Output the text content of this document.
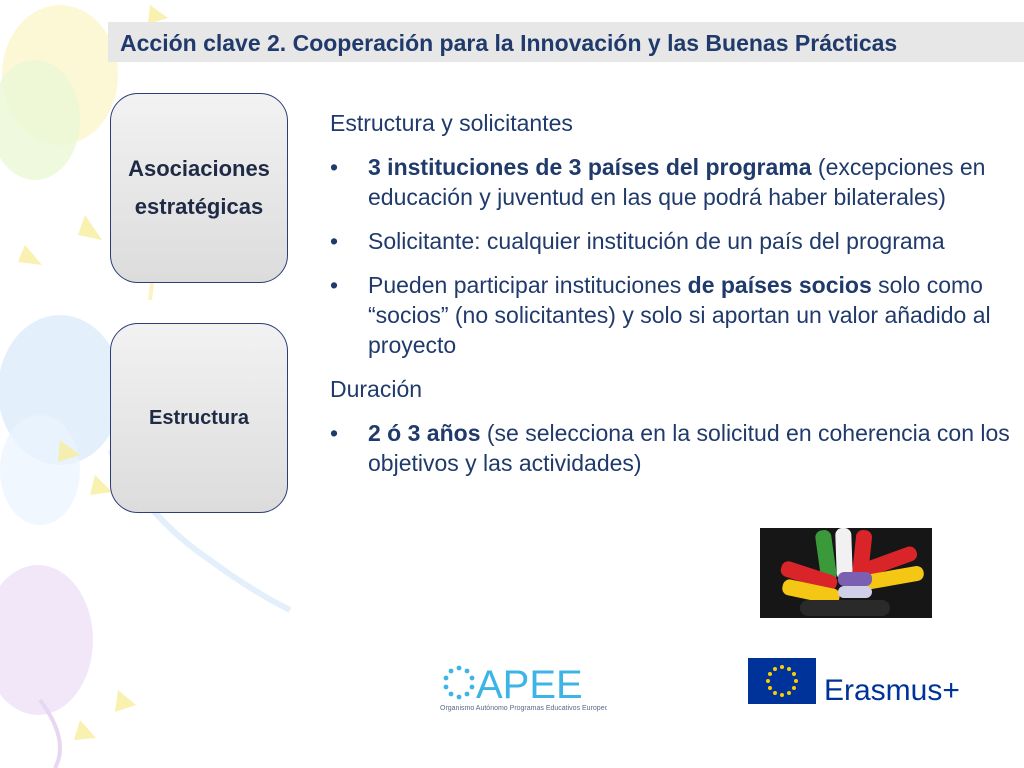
Acción clave 2. Cooperación para la Innovación y las Buenas Prácticas
Asociaciones
estratégicas
Estructura
Estructura y solicitantes
•	3 instituciones de 3 países del programa (excepciones en educación y juventud en las que podrá haber bilaterales)
•	Solicitante: cualquier institución de un país del programa
•	Pueden participar instituciones de países socios solo como “socios” (no solicitantes) y solo si aportan un valor añadido al proyecto
Duración
•	2 ó 3 años (se selecciona en la solicitud en coherencia con los objetivos y las actividades)
APEE
Organismo Autónomo Programas Educativos Europeos
Erasmus+
